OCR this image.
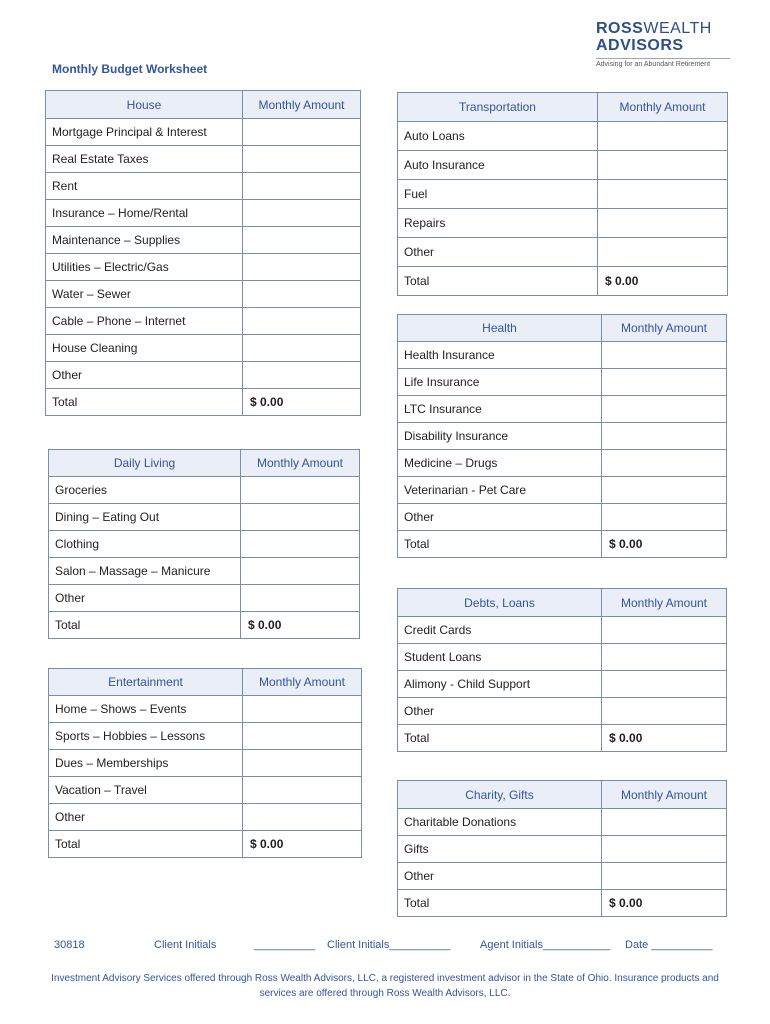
ROSSWEALTH
ADVISORS
Advising for an Abundant Retirement
Monthly Budget Worksheet
House	Monthly Amount
Mortgage Principal & Interest	
Real Estate Taxes	
Rent	
Insurance – Home/Rental	
Maintenance – Supplies	
Utilities – Electric/Gas	
Water – Sewer	
Cable – Phone – Internet	
House Cleaning	
Other	
Total	$ 0.00
Daily Living	Monthly Amount
Groceries	
Dining – Eating Out	
Clothing	
Salon – Massage – Manicure	
Other	
Total	$ 0.00
Entertainment	Monthly Amount
Home – Shows – Events	
Sports – Hobbies – Lessons	
Dues – Memberships	
Vacation – Travel	
Other	
Total	$ 0.00
Transportation	Monthly Amount
Auto Loans	
Auto Insurance	
Fuel	
Repairs	
Other	
Total	$ 0.00
Health	Monthly Amount
Health Insurance	
Life Insurance	
LTC Insurance	
Disability Insurance	
Medicine – Drugs	
Veterinarian - Pet Care	
Other	
Total	$ 0.00
Debts, Loans	Monthly Amount
Credit Cards	
Student Loans	
Alimony - Child Support	
Other	
Total	$ 0.00
Charity, Gifts	Monthly Amount
Charitable Donations	
Gifts	
Other	
Total	$ 0.00
30818	Client Initials	__________ Client Initials__________	Agent Initials___________ Date __________
Investment Advisory Services offered through Ross Wealth Advisors, LLC, a registered investment advisor in the State of Ohio. Insurance products and services are offered through Ross Wealth Advisors, LLC.
